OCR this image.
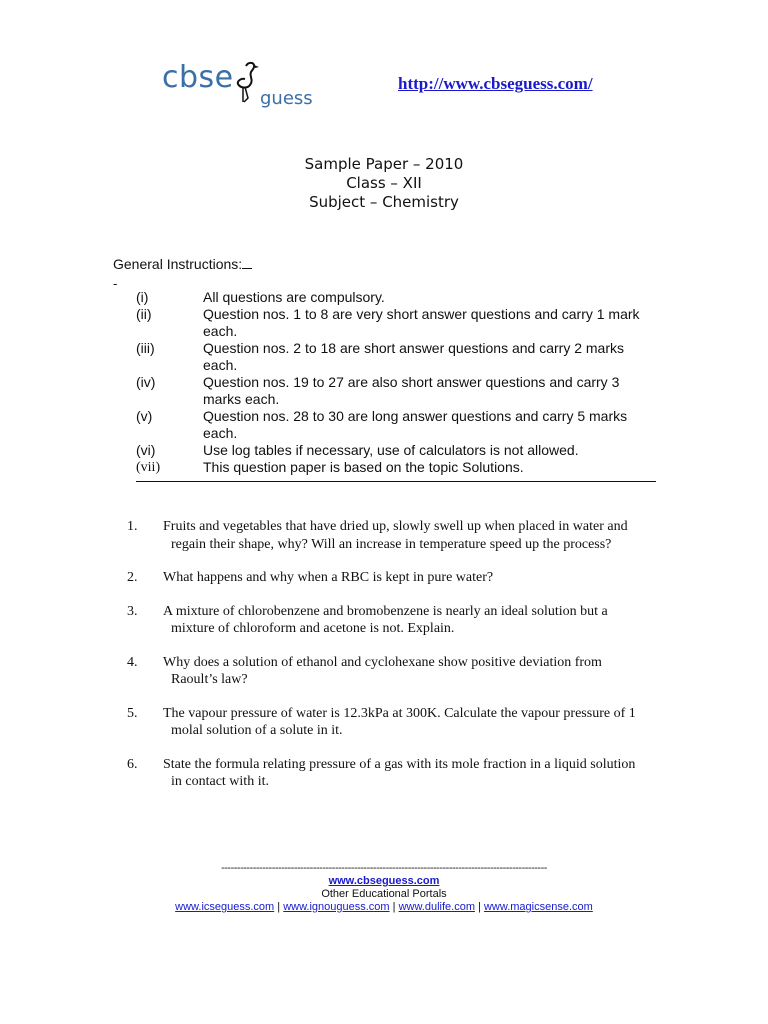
cbse
guess
http://www.cbseguess.com/
Sample Paper – 2010
Class – XII
Subject – Chemistry
General Instructions:
-
(i)	All questions are compulsory.
(ii)	Question nos. 1 to 8 are very short answer questions and carry 1 mark each.
(iii)	Question nos. 2 to 18 are short answer questions and carry 2 marks each.
(iv)	Question nos. 19 to 27 are also short answer questions and carry 3 marks each.
(v)	Question nos. 28 to 30 are long answer questions and carry 5 marks each.
(vi)	Use log tables if necessary, use of calculators is not allowed.
(vii)	This question paper is based on the topic Solutions.
1.	Fruits and vegetables that have dried up, slowly swell up when placed in water and regain their shape, why? Will an increase in temperature speed up the process?
2.	What happens and why when a RBC is kept in pure water?
3.	A mixture of chlorobenzene and bromobenzene is nearly an ideal solution but a mixture of chloroform and acetone is not. Explain.
4.	Why does a solution of ethanol and cyclohexane show positive deviation from Raoult’s law?
5.	The vapour pressure of water is 12.3kPa at 300K. Calculate the vapour pressure of 1 molal solution of a solute in it.
6.	State the formula relating pressure of a gas with its mole fraction in a liquid solution in contact with it.
-------------------------------------------------------------------------------------------------------
www.cbseguess.com
Other Educational Portals
www.icseguess.com | www.ignouguess.com | www.dulife.com | www.magicsense.com
